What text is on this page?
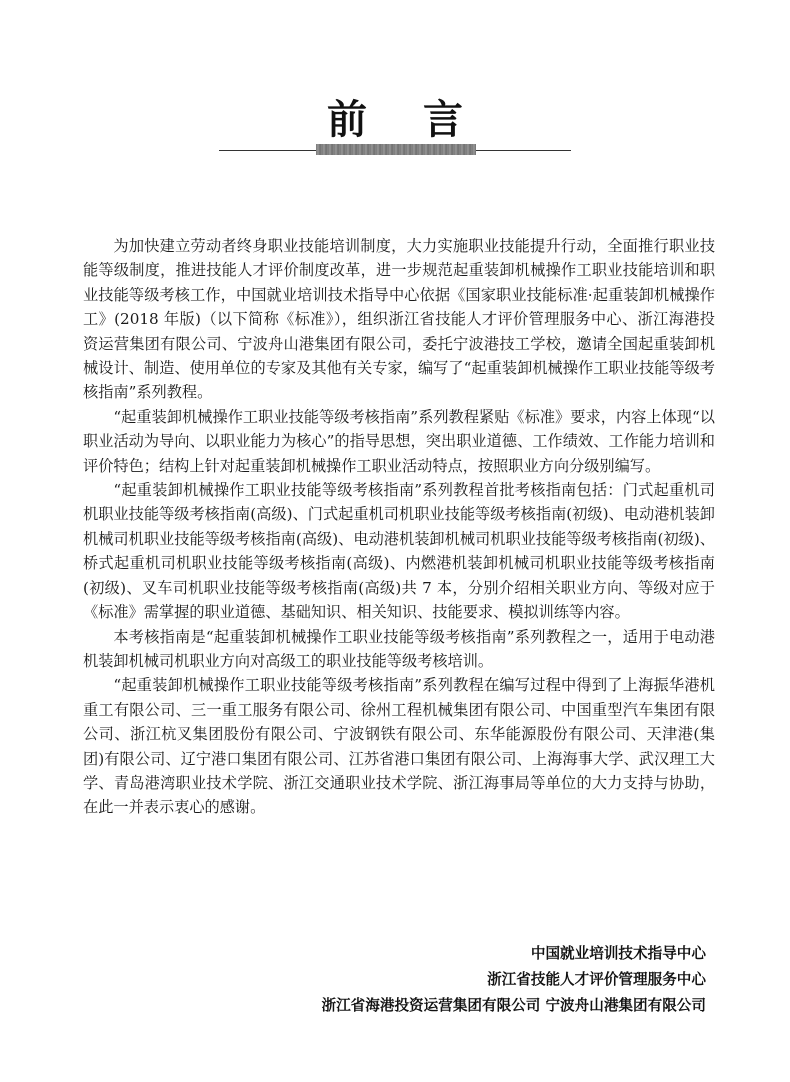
前言

为加快建立劳动者终身职业技能培训制度，大力实施职业技能提升行动，全面推行职业技能等级制度，推进技能人才评价制度改革，进一步规范起重装卸机械操作工职业技能培训和职业技能等级考核工作，中国就业培训技术指导中心依据《国家职业技能标准·起重装卸机械操作工》(2018 年版)（以下简称《标准》），组织浙江省技能人才评价管理服务中心、浙江海港投资运营集团有限公司、宁波舟山港集团有限公司，委托宁波港技工学校，邀请全国起重装卸机械设计、制造、使用单位的专家及其他有关专家，编写了“起重装卸机械操作工职业技能等级考核指南”系列教程。

“起重装卸机械操作工职业技能等级考核指南”系列教程紧贴《标准》要求，内容上体现“以职业活动为导向、以职业能力为核心”的指导思想，突出职业道德、工作绩效、工作能力培训和评价特色；结构上针对起重装卸机械操作工职业活动特点，按照职业方向分级别编写。

“起重装卸机械操作工职业技能等级考核指南”系列教程首批考核指南包括：门式起重机司机职业技能等级考核指南(高级)、门式起重机司机职业技能等级考核指南(初级)、电动港机装卸机械司机职业技能等级考核指南(高级)、电动港机装卸机械司机职业技能等级考核指南(初级)、桥式起重机司机职业技能等级考核指南(高级)、内燃港机装卸机械司机职业技能等级考核指南(初级)、叉车司机职业技能等级考核指南(高级)共 7 本，分别介绍相关职业方向、等级对应于《标准》需掌握的职业道德、基础知识、相关知识、技能要求、模拟训练等内容。

本考核指南是“起重装卸机械操作工职业技能等级考核指南”系列教程之一，适用于电动港机装卸机械司机职业方向对高级工的职业技能等级考核培训。

“起重装卸机械操作工职业技能等级考核指南”系列教程在编写过程中得到了上海振华港机重工有限公司、三一重工服务有限公司、徐州工程机械集团有限公司、中国重型汽车集团有限公司、浙江杭叉集团股份有限公司、宁波钢铁有限公司、东华能源股份有限公司、天津港(集团)有限公司、辽宁港口集团有限公司、江苏省港口集团有限公司、上海海事大学、武汉理工大学、青岛港湾职业技术学院、浙江交通职业技术学院、浙江海事局等单位的大力支持与协助，在此一并表示衷心的感谢。

中国就业培训技术指导中心
浙江省技能人才评价管理服务中心
浙江省海港投资运营集团有限公司 宁波舟山港集团有限公司
